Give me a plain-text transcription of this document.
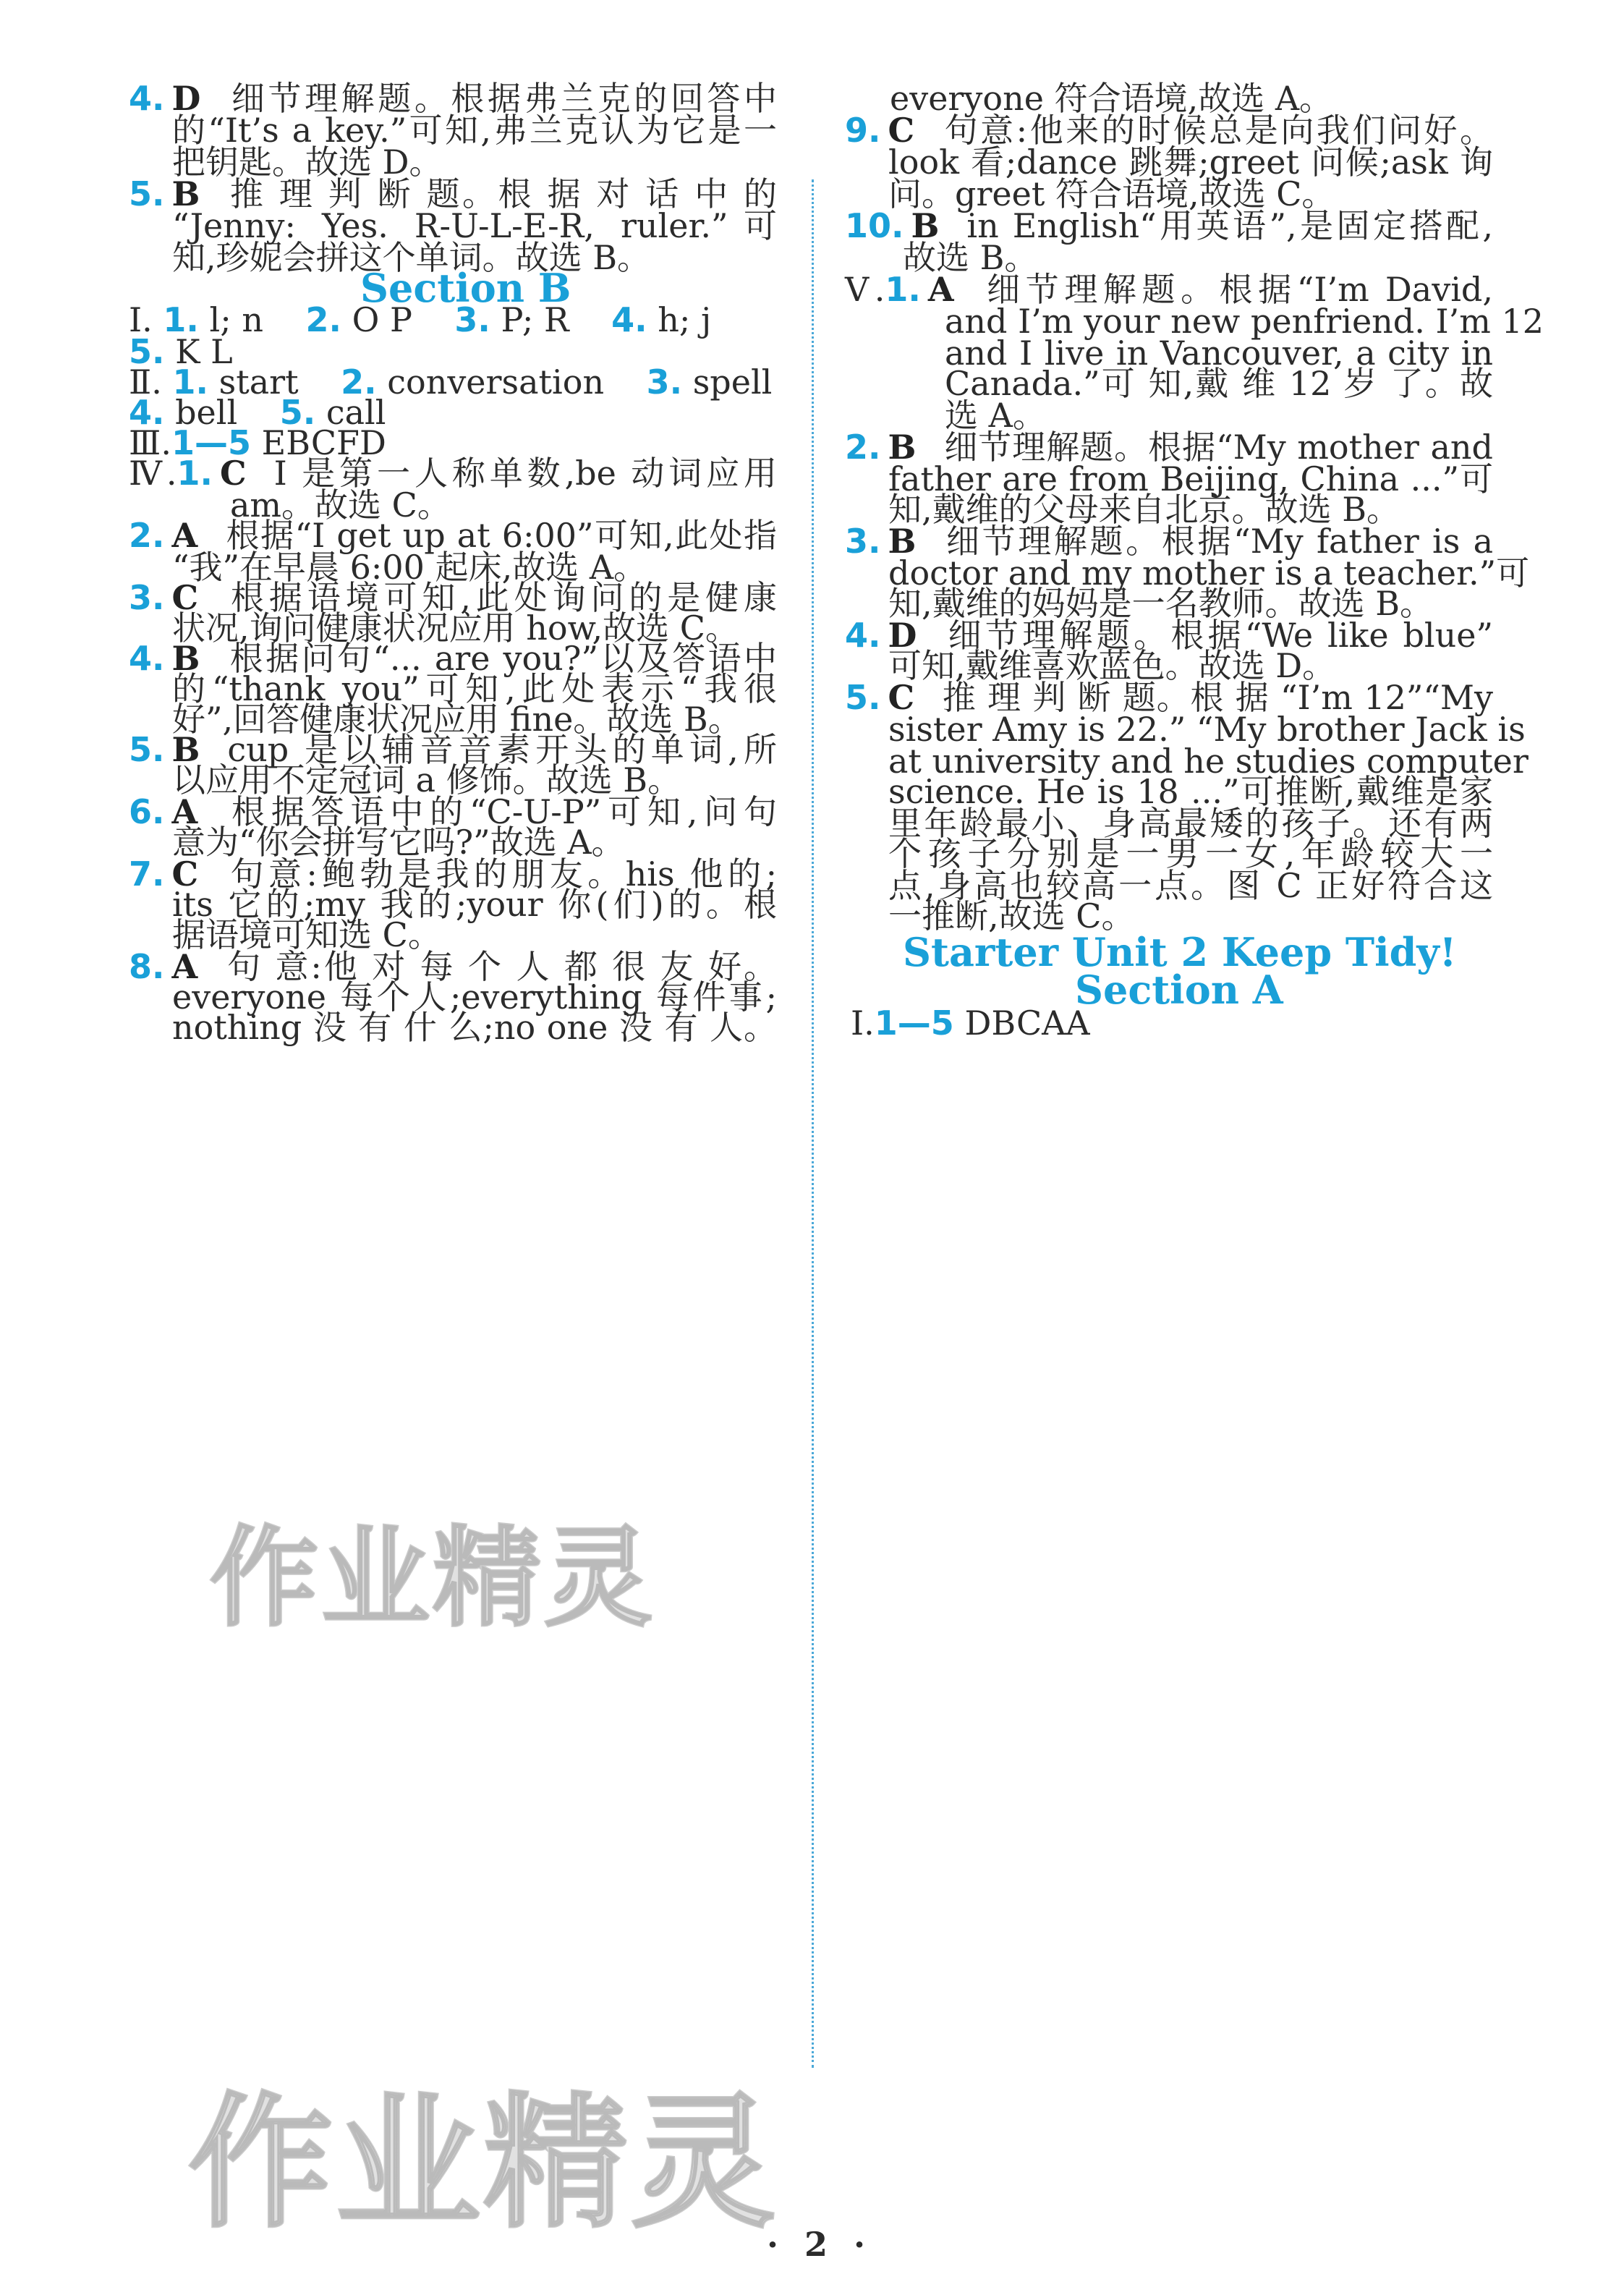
4. D 细节理解题。根据弗兰克的回答中
的“It’s a key.”可知,弗兰克认为它是一
把钥匙。故选 D。
5. B 推 理 判 断 题。根 据 对 话 中 的
“Jenny: Yes. R-U-L-E-R, ruler.”可
知,珍妮会拼这个单词。故选 B。
Section B
Ⅰ. 1. l; n 2. O P 3. P; R 4. h; j
5. K L
Ⅱ. 1. start 2. conversation 3. spell
4. bell 5. call
Ⅲ.1—5 EBCFD
Ⅳ.1. C I 是第一人称单数,be 动词应用
am。故选 C。
2. A 根据“I get up at 6:00”可知,此处指
“我”在早晨 6:00 起床,故选 A。
3. C 根据语境可知,此处询问的是健康
状况,询问健康状况应用 how,故选 C。
4. B 根据问句“... are you?”以及答语中
的“thank you”可知,此处表示“我很
好”,回答健康状况应用 fine。故选 B。
5. B cup 是以辅音音素开头的单词,所
以应用不定冠词 a 修饰。故选 B。
6. A 根据答语中的“C-U-P”可知,问句
意为“你会拼写它吗?”故选 A。
7. C 句意:鲍勃是我的朋友。his 他的;
its 它的;my 我的;your 你(们)的。根
据语境可知选 C。
8. A 句 意:他 对 每 个 人 都 很 友 好。
everyone 每个人;everything 每件事;
nothing 没 有 什 么;no one 没 有 人。
everyone 符合语境,故选 A。
9. C 句意:他来的时候总是向我们问好。
look 看;dance 跳舞;greet 问候;ask 询
问。greet 符合语境,故选 C。
10. B in English“用英语”,是固定搭配,
故选 B。
Ⅴ.1. A 细节理解题。根据“I’m David,
and I’m your new penfriend. I’m 12
and I live in Vancouver, a city in
Canada.”可 知,戴 维 12 岁 了。故
选 A。
2. B 细节理解题。根据“My mother and
father are from Beijing, China ...”可
知,戴维的父母来自北京。故选 B。
3. B 细节理解题。根据“My father is a
doctor and my mother is a teacher.”可
知,戴维的妈妈是一名教师。故选 B。
4. D 细节理解题。根据“We like blue”
可知,戴维喜欢蓝色。故选 D。
5. C 推 理 判 断 题。根 据 “I’m 12”“My
sister Amy is 22.” “My brother Jack is
at university and he studies computer
science. He is 18 ...”可推断,戴维是家
里年龄最小、身高最矮的孩子。还有两
个孩子分别是一男一女,年龄较大一
点,身高也较高一点。图 C 正好符合这
一推断,故选 C。
Starter Unit 2 Keep Tidy!
Section A
Ⅰ.1—5 DBCAA
· 2 ·
作业精灵
作业精灵
